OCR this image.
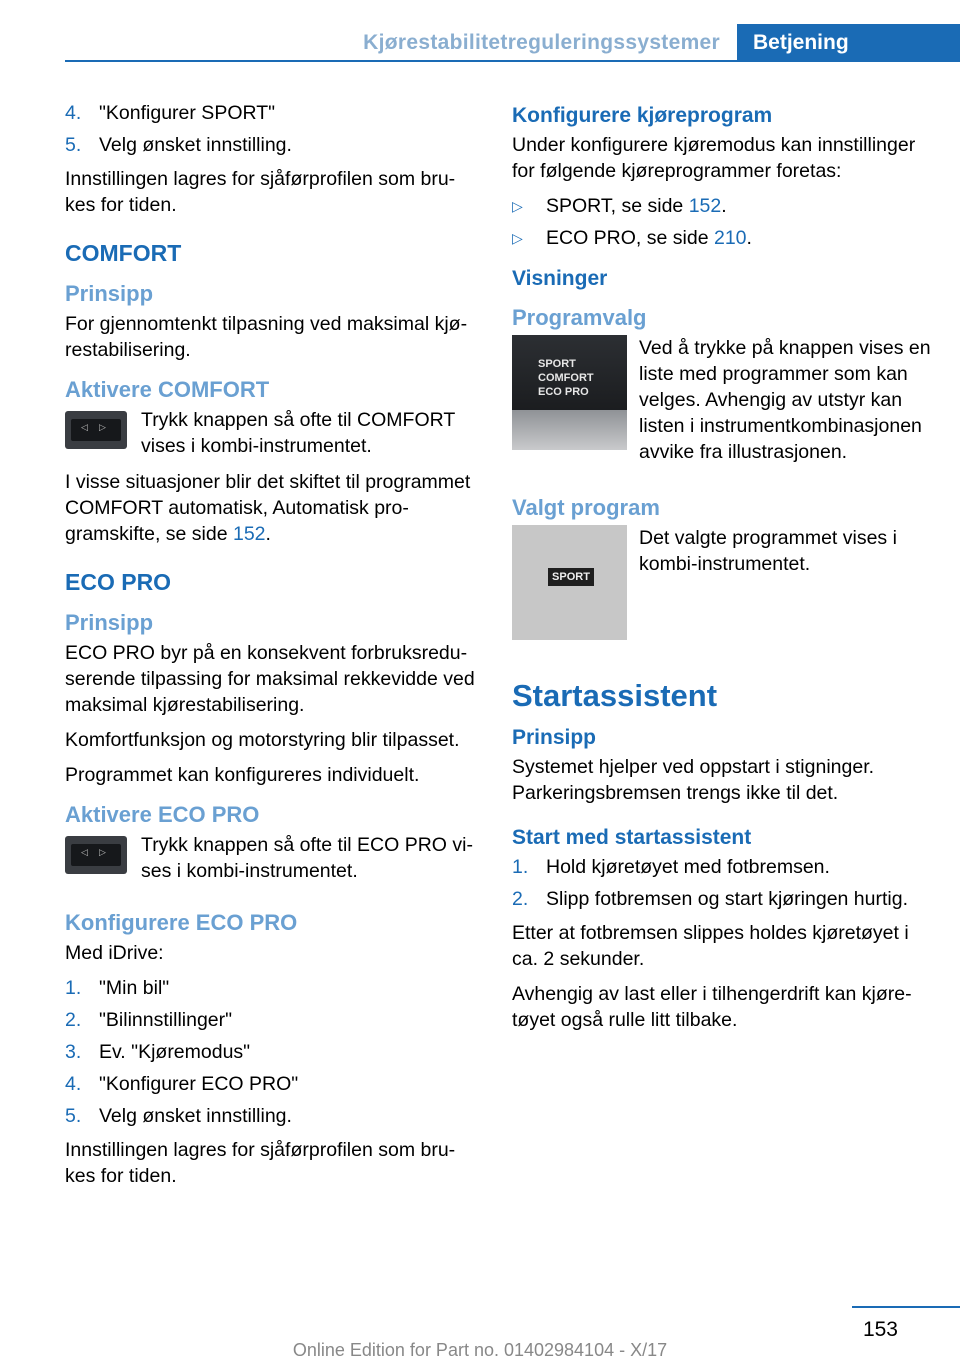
Kjørestabilitetreguleringssystemer	Betjening
4. "Konfigurer SPORT"
5. Velg ønsket innstilling.

Innstillingen lagres for sjåførprofilen som brukes for tiden.

COMFORT
Prinsipp

For gjennomtenkt tilpasning ved maksimal kjørestabilisering.

Aktivere COMFORT
◁ ▷ Trykk knappen så ofte til COMFORT vises i kombi-instrumentet.

I visse situasjoner blir det skiftet til programmet COMFORT automatisk, Automatisk programskifte, se side 152.

ECO PRO
Prinsipp

ECO PRO byr på en konsekvent forbruksreduserende tilpassing for maksimal rekkevidde ved maksimal kjørestabilisering.

Komfortfunksjon og motorstyring blir tilpasset.

Programmet kan konfigureres individuelt.

Aktivere ECO PRO
◁ ▷ Trykk knappen så ofte til ECO PRO vises i kombi-instrumentet.

Konfigurere ECO PRO

Med iDrive:

1. "Min bil"
2. "Bilinnstillinger"
3. Ev. "Kjøremodus"
4. "Konfigurer ECO PRO"
5. Velg ønsket innstilling.

Innstillingen lagres for sjåførprofilen som brukes for tiden.

Konfigurere kjøreprogram

Under konfigurere kjøremodus kan innstillinger for følgende kjøreprogrammer foretas:

▷	SPORT, se side 152.
▷	ECO PRO, se side 210.
Visninger
Programvalg
SPORT
COMFORT
ECO PRO

Ved å trykke på knappen vises en liste med programmer som kan velges. Avhengig av utstyr kan listen i instrumentkombinasjonen avvike fra illustrasjonen.

Valgt program
SPORT

Det valgte programmet vises i kombi-instrumentet.

Startassistent
Prinsipp

Systemet hjelper ved oppstart i stigninger. Parkeringsbremsen trengs ikke til det.

Start med startassistent
1. Hold kjøretøyet med fotbremsen.
2. Slipp fotbremsen og start kjøringen hurtig.

Etter at fotbremsen slippes holdes kjøretøyet i ca. 2 sekunder.

Avhengig av last eller i tilhengerdrift kan kjøretøyet også rulle litt tilbake.

153
Online Edition for Part no. 01402984104 - X/17
